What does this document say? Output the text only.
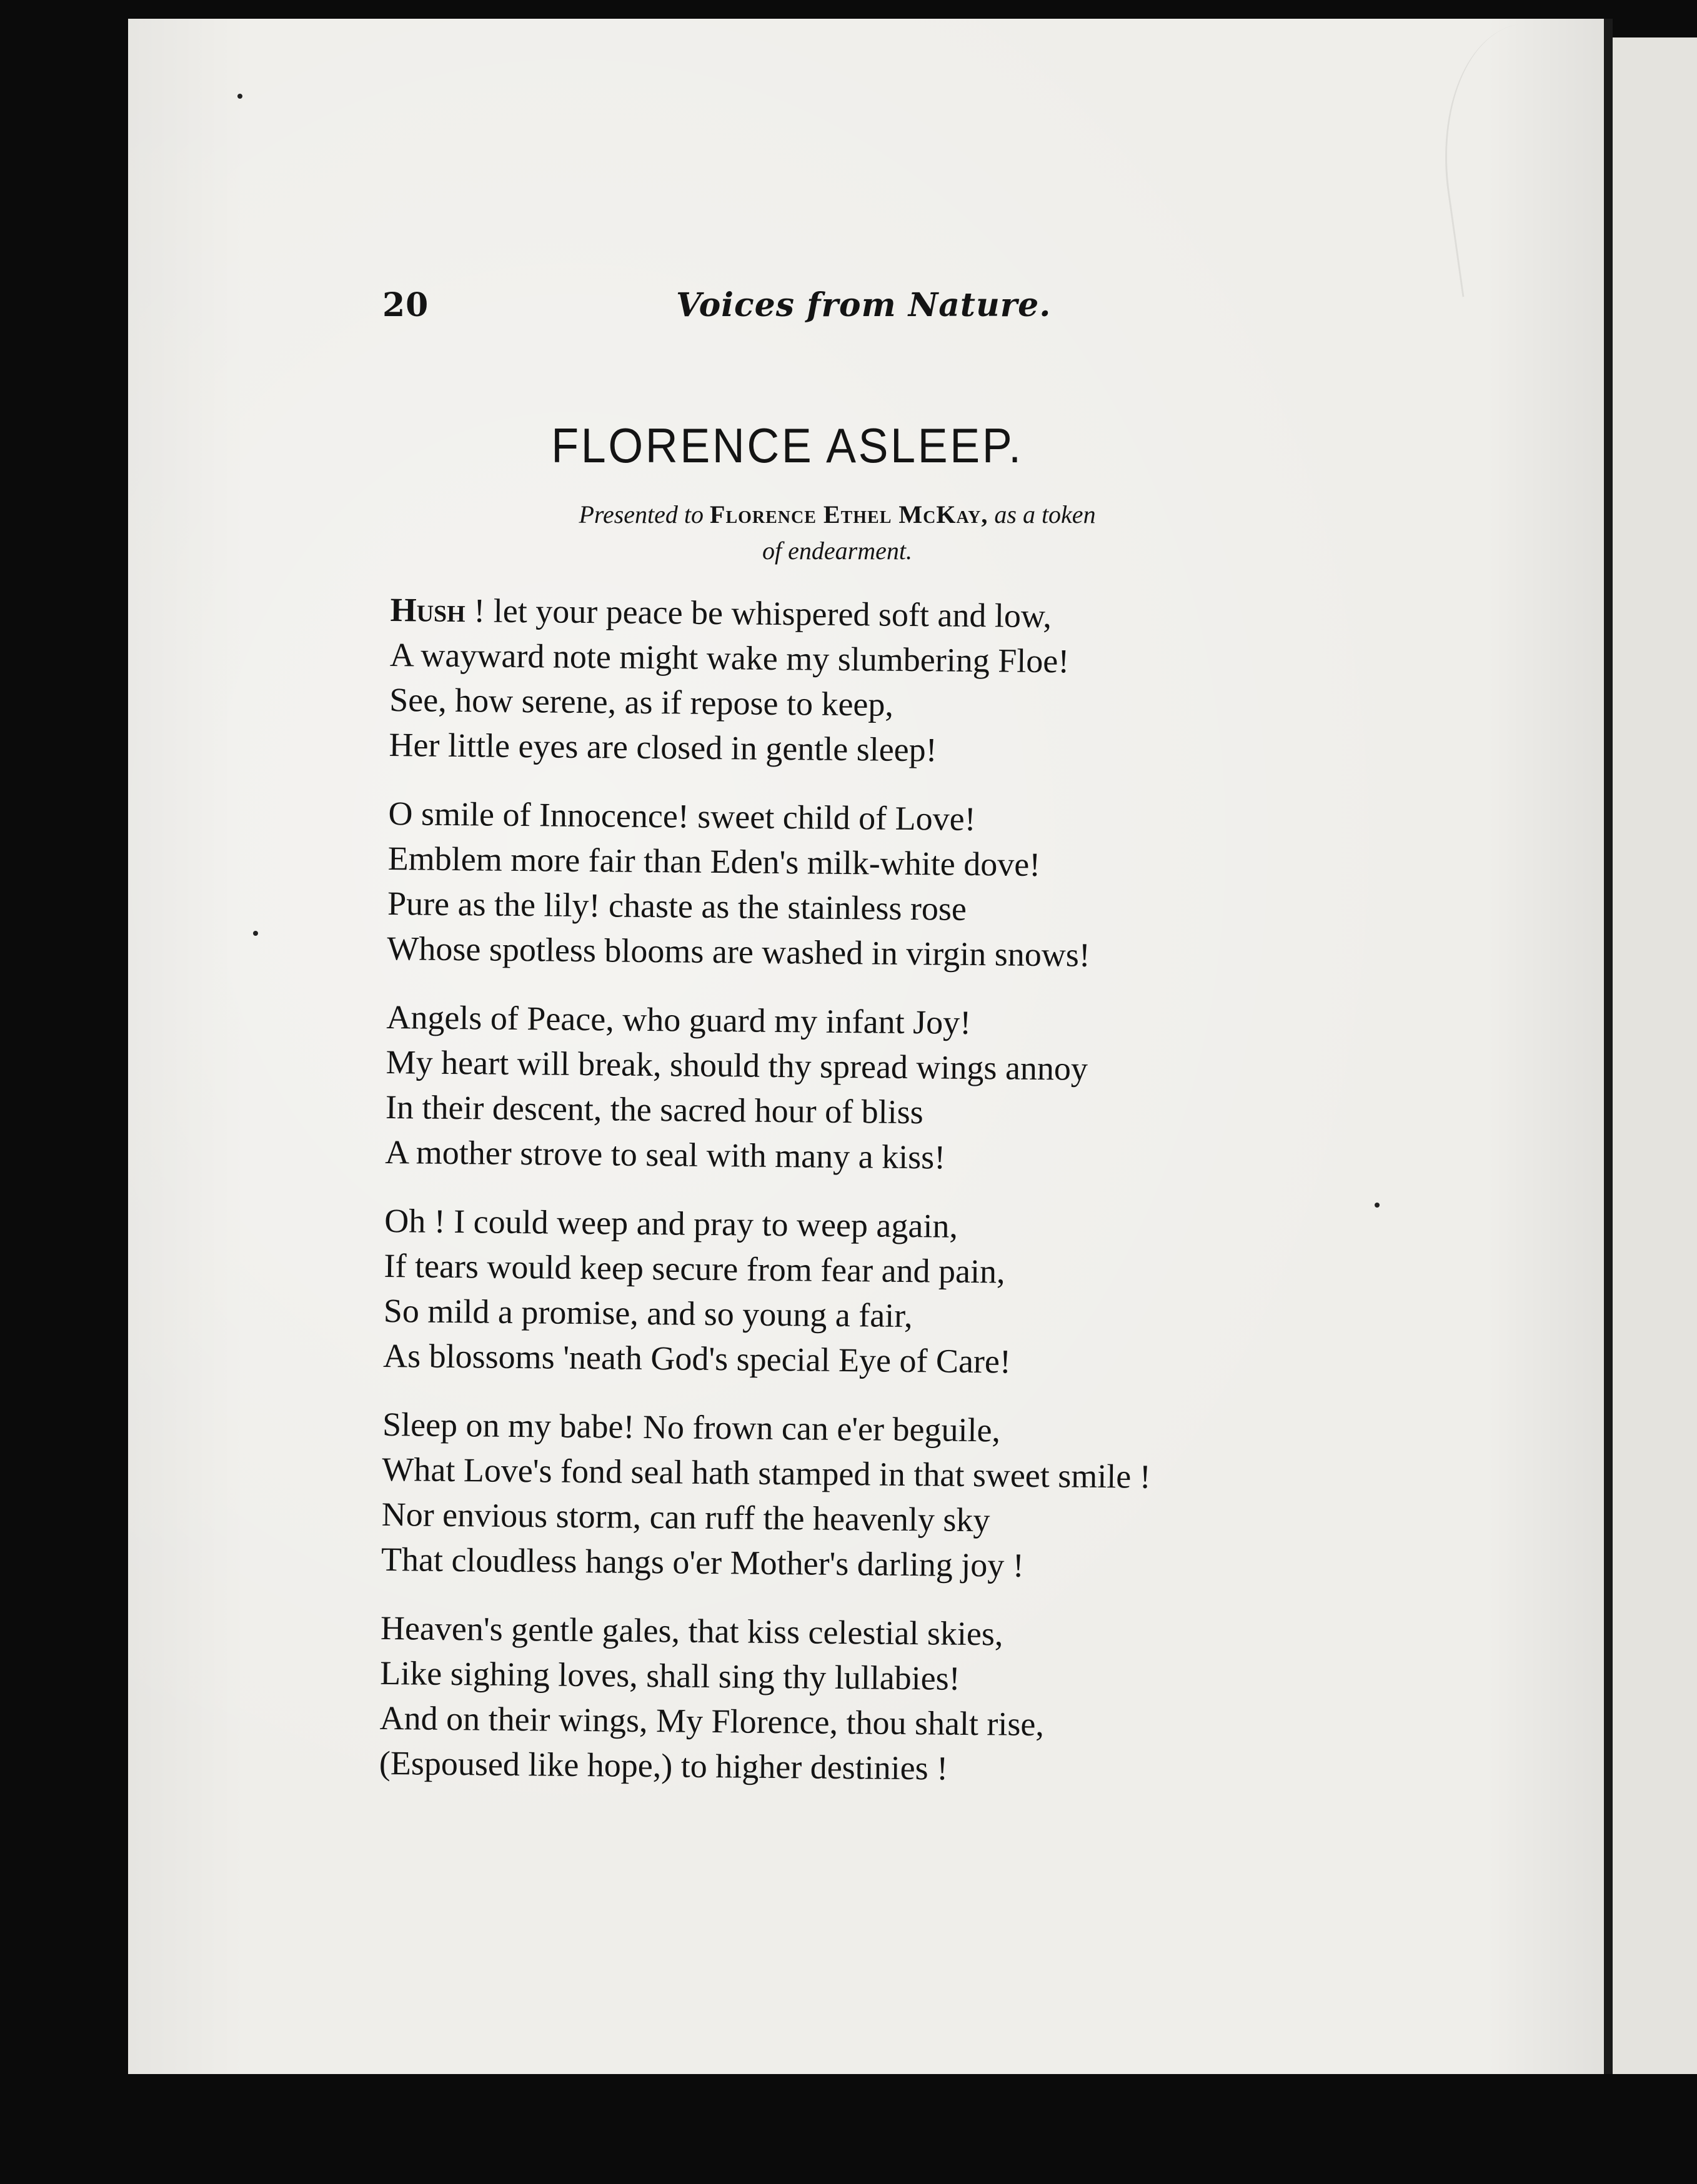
20	Voices from Nature.
FLORENCE ASLEEP.
Presented to Florence Ethel McKay, as a token
of endearment.
Hush ! let your peace be whispered soft and low,
A wayward note might wake my slumbering Floe!
See, how serene, as if repose to keep,
Her little eyes are closed in gentle sleep!
O smile of Innocence! sweet child of Love!
Emblem more fair than Eden's milk-white dove!
Pure as the lily! chaste as the stainless rose
Whose spotless blooms are washed in virgin snows!
Angels of Peace, who guard my infant Joy!
My heart will break, should thy spread wings annoy
In their descent, the sacred hour of bliss
A mother strove to seal with many a kiss!
Oh ! I could weep and pray to weep again,
If tears would keep secure from fear and pain,
So mild a promise, and so young a fair,
As blossoms 'neath God's special Eye of Care!
Sleep on my babe! No frown can e'er beguile,
What Love's fond seal hath stamped in that sweet smile !
Nor envious storm, can ruff the heavenly sky
That cloudless hangs o'er Mother's darling joy !
Heaven's gentle gales, that kiss celestial skies,
Like sighing loves, shall sing thy lullabies!
And on their wings, My Florence, thou shalt rise,
(Espoused like hope,) to higher destinies !
